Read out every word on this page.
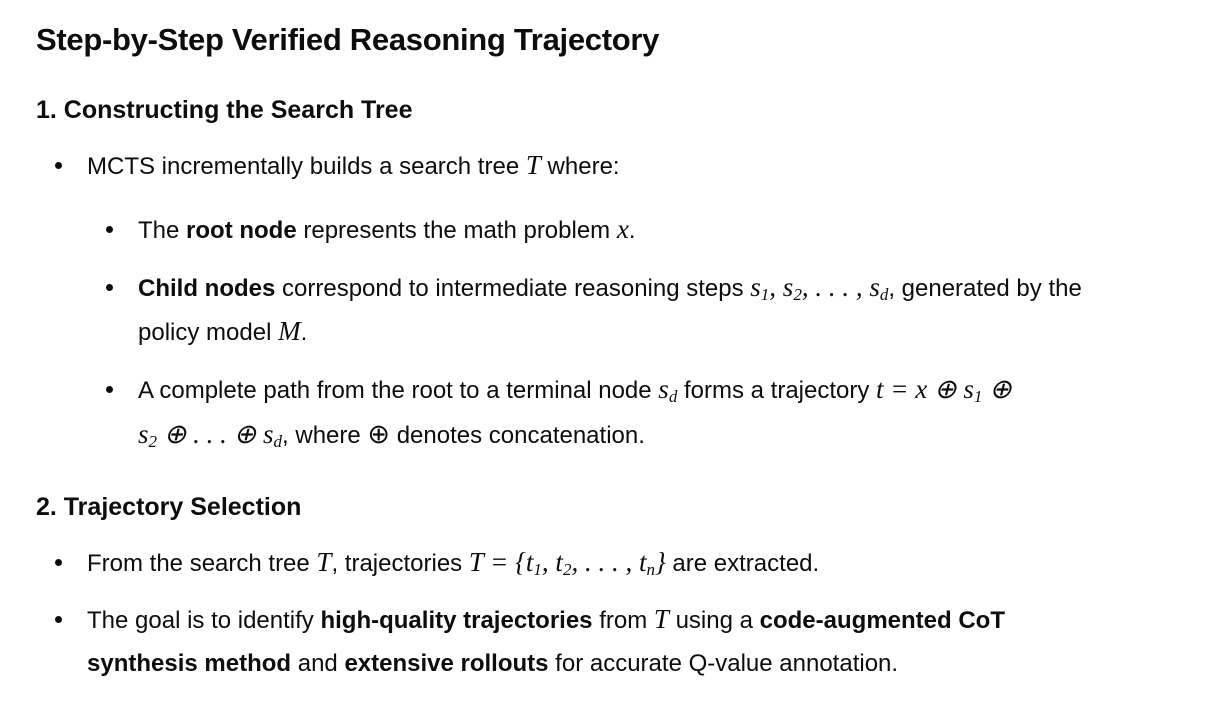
Step-by-Step Verified Reasoning Trajectory
1. Constructing the Search Tree
MCTS incrementally builds a search tree T where:
The root node represents the math problem x.
Child nodes correspond to intermediate reasoning steps $s_1$, $s_2$, . . . , $s_d$, generated by the
policy model M.
A complete path from the root to a terminal node $s_d$ forms a trajectory t = x ⊕ $s_1$ ⊕
$s_2$ ⊕ . . . ⊕ $s_d$, where ⊕ denotes concatenation.
2. Trajectory Selection
From the search tree T, trajectories $T = \{t_1$, $t_2$, . . . , $t_n$} are extracted.
The goal is to identify high-quality trajectories from T using a code-augmented CoT
synthesis method and extensive rollouts for accurate Q-value annotation.
